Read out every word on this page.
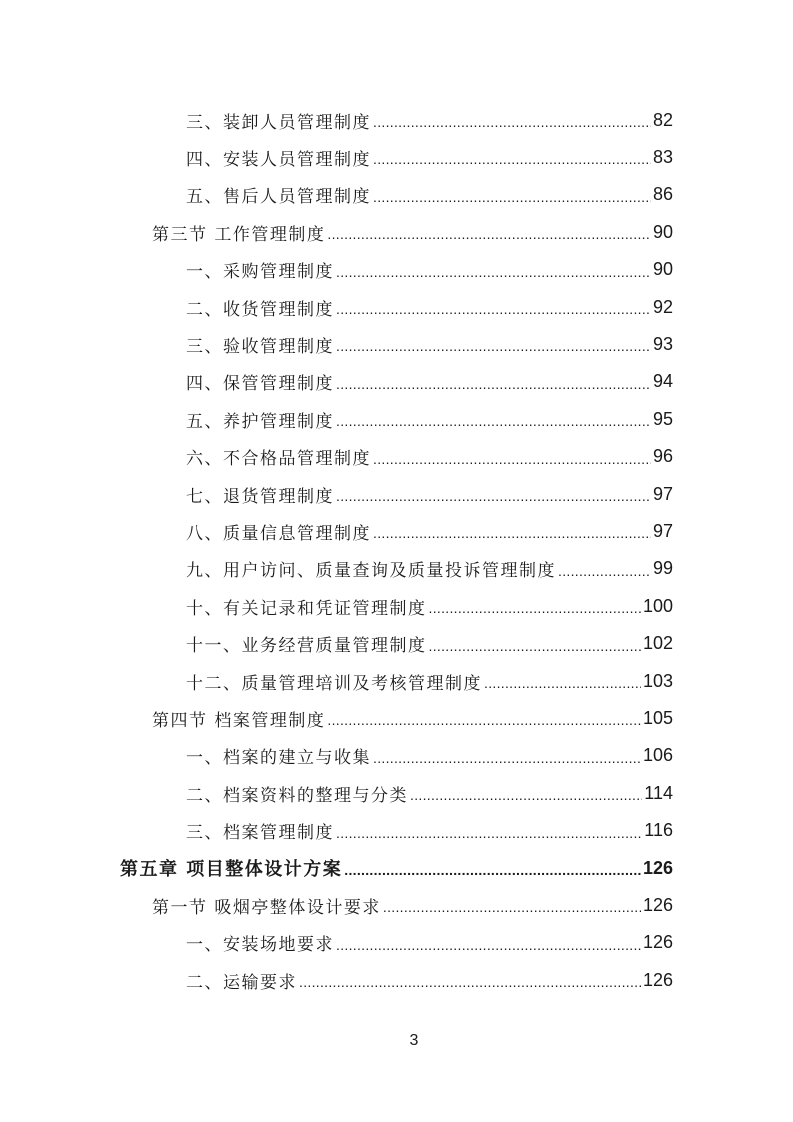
三、装卸人员管理制度 .....	82
四、安装人员管理制度 .....	83
五、售后人员管理制度 .....	86
第三节 工作管理制度 .....	90
一、采购管理制度 .....	90
二、收货管理制度 .....	92
三、验收管理制度 .....	93
四、保管管理制度 .....	94
五、养护管理制度 .....	95
六、不合格品管理制度 .....	96
七、退货管理制度 .....	97
八、质量信息管理制度 .....	97
九、用户访问、质量查询及质量投诉管理制度 .....	99
十、有关记录和凭证管理制度 .....	100
十一、业务经营质量管理制度 .....	102
十二、质量管理培训及考核管理制度 .....	103
第四节 档案管理制度 .....	105
一、档案的建立与收集 .....	106
二、档案资料的整理与分类 .....	114
三、档案管理制度 .....	116
第五章 项目整体设计方案 .....	126
第一节 吸烟亭整体设计要求 .....	126
一、安装场地要求 .....	126
二、运输要求 .....	126
3
